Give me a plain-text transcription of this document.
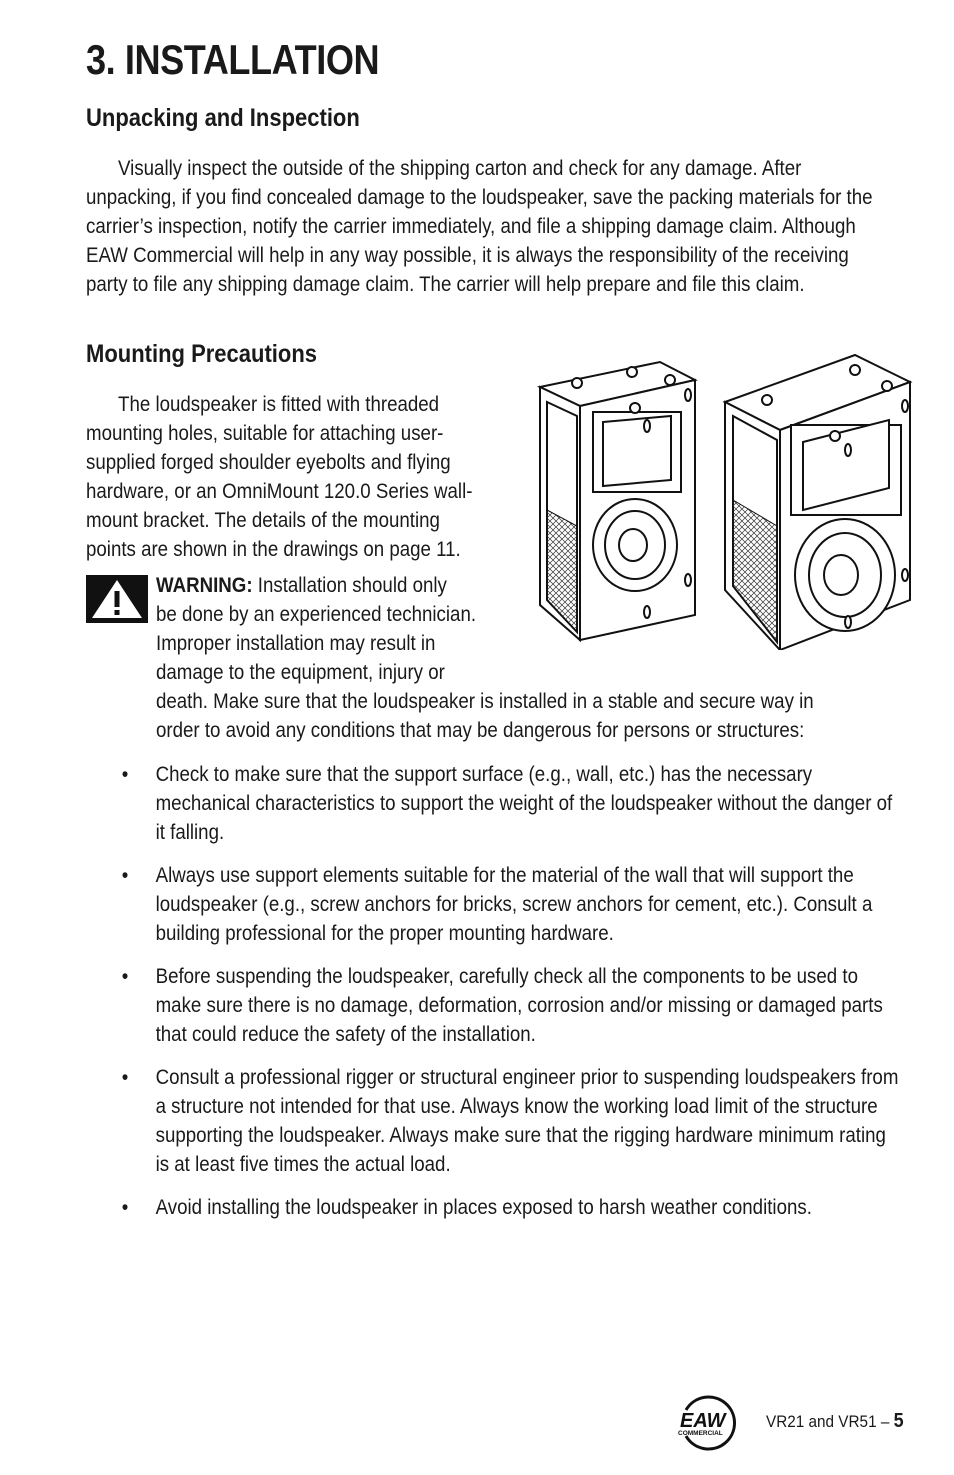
3. INSTALLATION
Unpacking and Inspection

Visually inspect the outside of the shipping carton and check for any damage. After unpacking, if you find concealed damage to the loudspeaker, save the packing materials for the carrier’s inspection, notify the carrier immediately, and file a shipping damage claim. Although EAW Commercial will help in any way possible, it is always the responsibility of the receiving party to file any shipping damage claim. The carrier will help prepare and file this claim.

Mounting Precautions
The loudspeaker is fitted with threaded
mounting holes, suitable for attaching user-
supplied forged shoulder eyebolts and flying
hardware, or an OmniMount 120.0 Series wall-
mount bracket. The details of the mounting
points are shown in the drawings on page 11.
WARNING: Installation should only
be done by an experienced technician.
Improper installation may result in
damage to the equipment, injury or
death. Make sure that the loudspeaker is installed in a stable and secure way in
order to avoid any conditions that may be dangerous for persons or structures:
• Check to make sure that the support surface (e.g., wall, etc.) has the necessary mechanical characteristics to support the weight of the loudspeaker without the danger of it falling.
• Always use support elements suitable for the material of the wall that will support the loudspeaker (e.g., screw anchors for bricks, screw anchors for cement, etc.). Consult a building professional for the proper mounting hardware.
• Before suspending the loudspeaker, carefully check all the components to be used to make sure there is no damage, deformation, corrosion and/or missing or damaged parts that could reduce the safety of the installation.
• Consult a professional rigger or structural engineer prior to suspending loudspeakers from a structure not intended for that use. Always know the working load limit of the structure supporting the loudspeaker. Always make sure that the rigging hardware minimum rating is at least five times the actual load.
• Avoid installing the loudspeaker in places exposed to harsh weather conditions.
EAW
COMMERCIAL
VR21 and VR51 – 5
